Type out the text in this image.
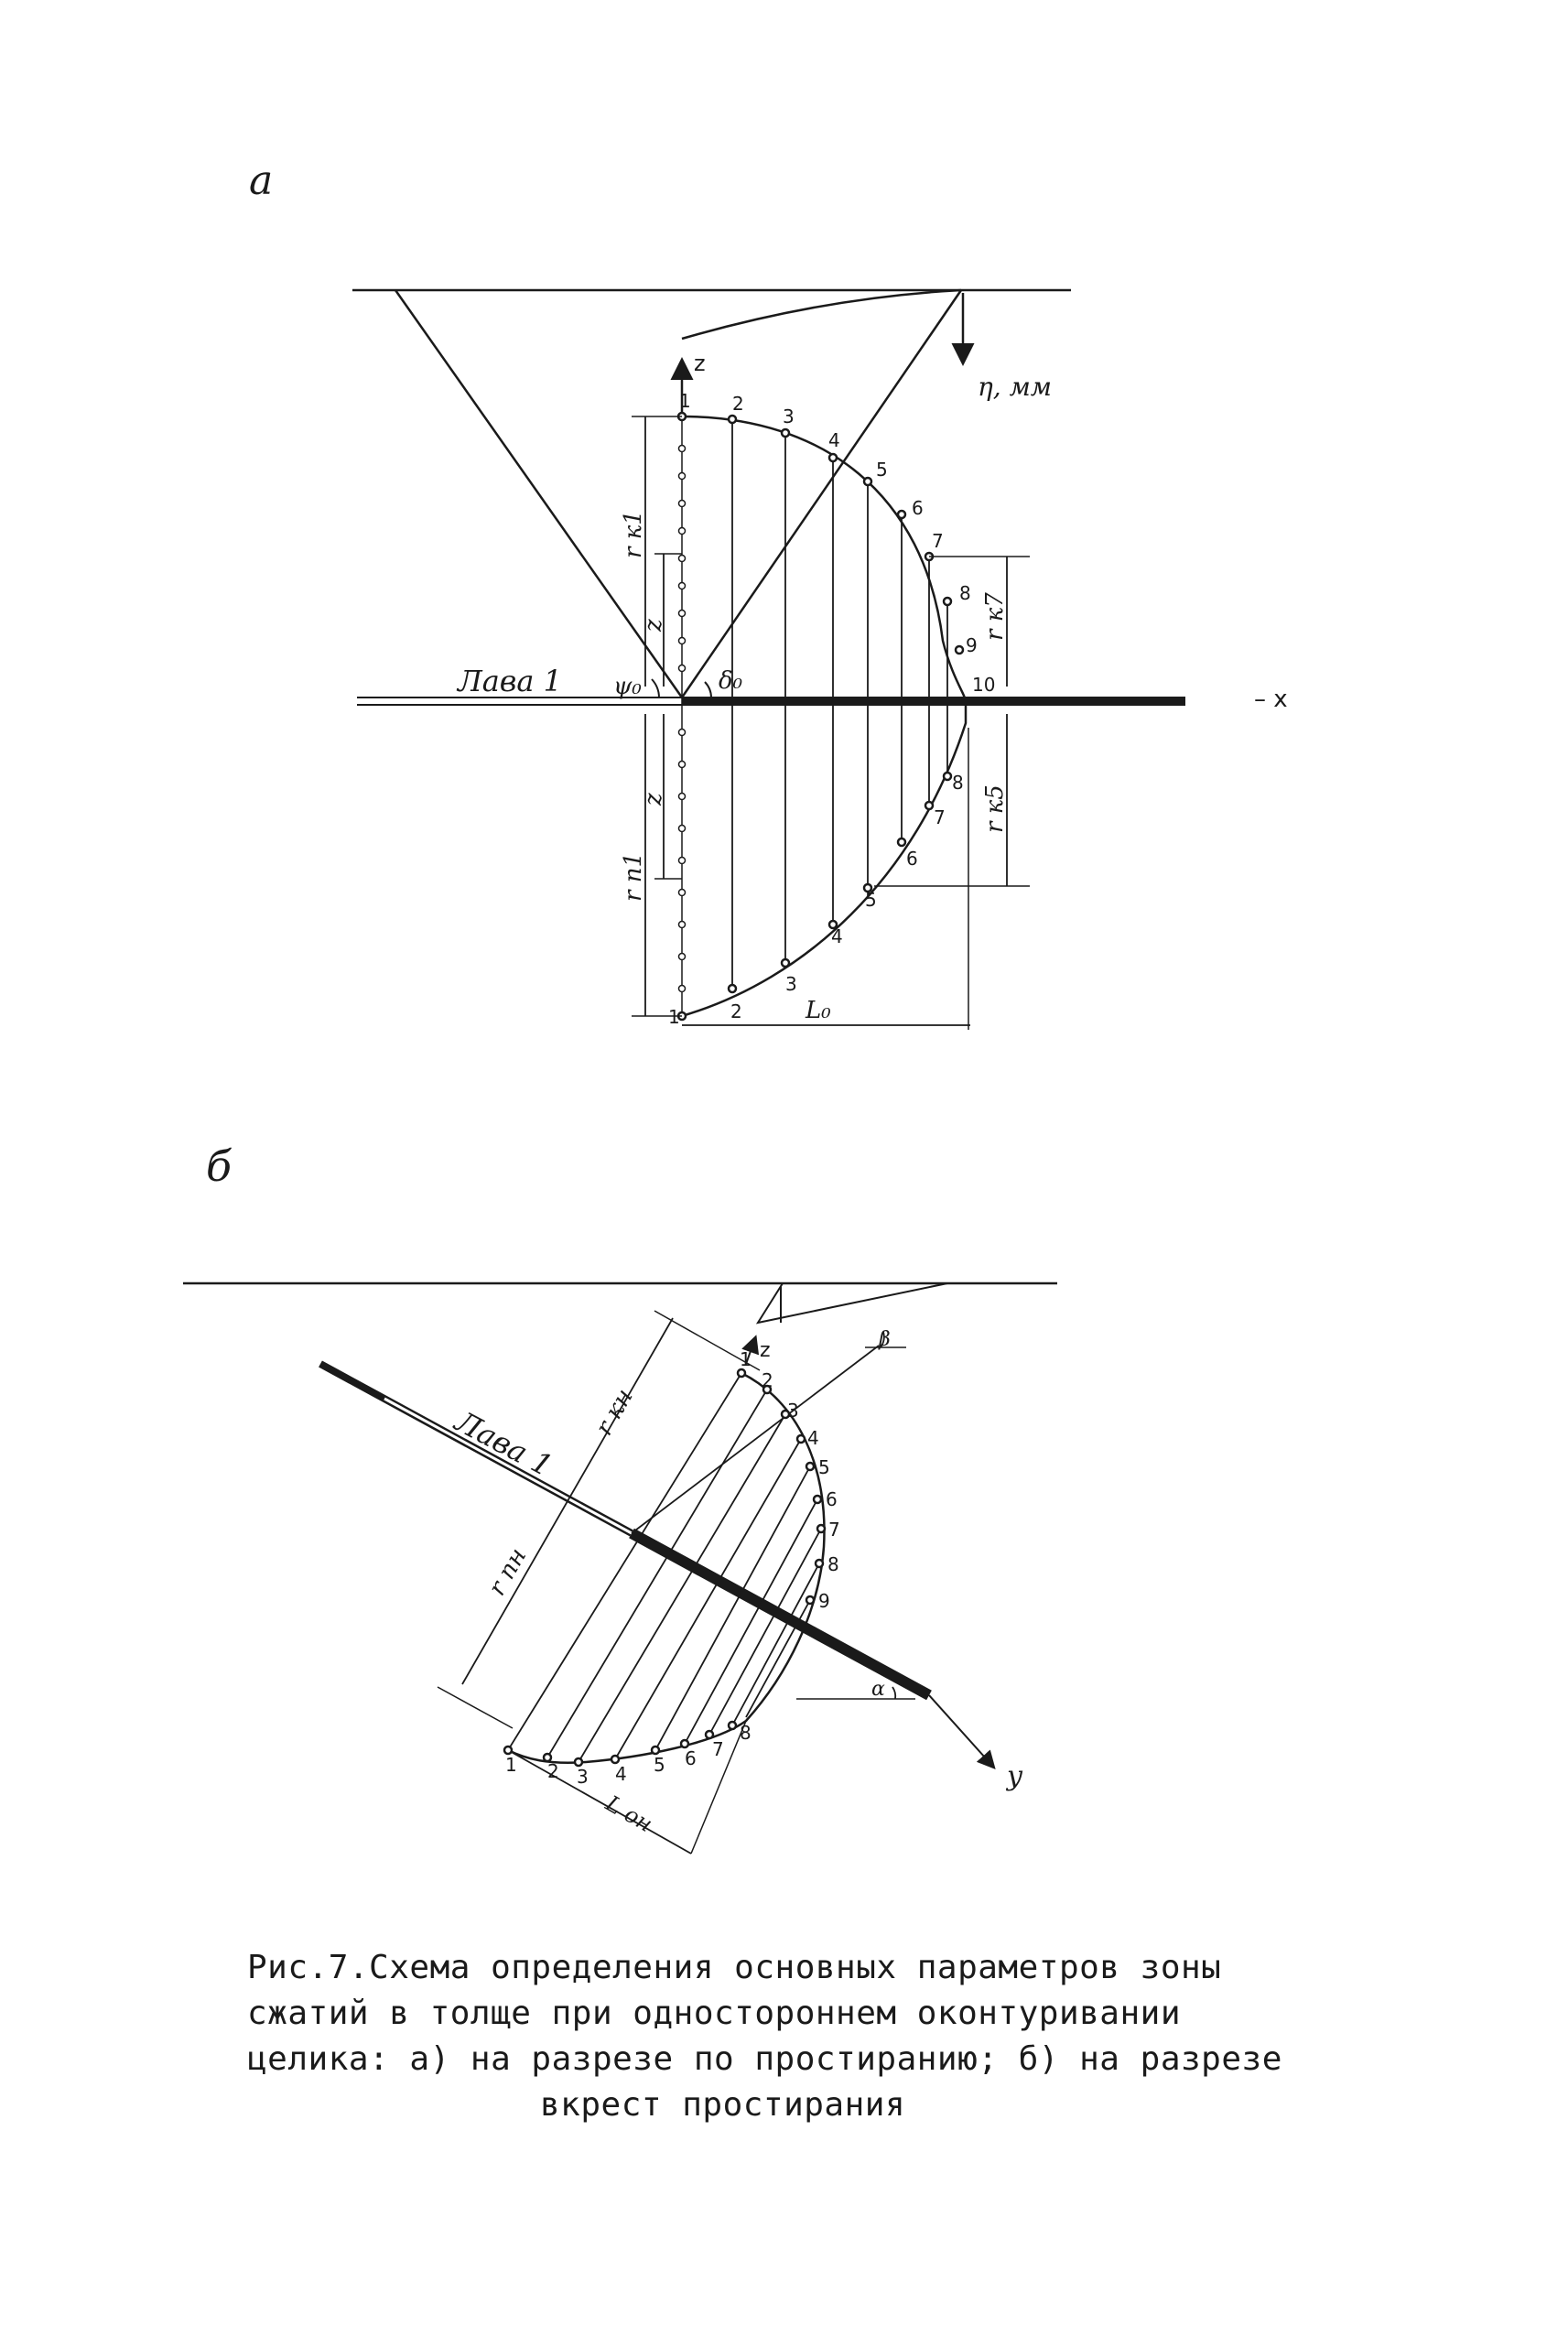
а
η, мм
Лава 1
– x
z
1 2
3
4
5
6
7
8
9
10
1	2
3
4
5
6
7
8
r к1
r п1
z
z
r к7
r к5
L₀
ψ₀	δ₀
б
y
Лава 1
z	β
α
r кн
r пн
L он
1
2
3
4
5
6
7
8
9
1 2 3 4 5 6 7
8
Рис.7.Схема определения основных параметров зоны
сжатий в толще при одностороннем оконтуривании
целика: а) на разрезе по простиранию; б) на разрезе
вкрест простирания
